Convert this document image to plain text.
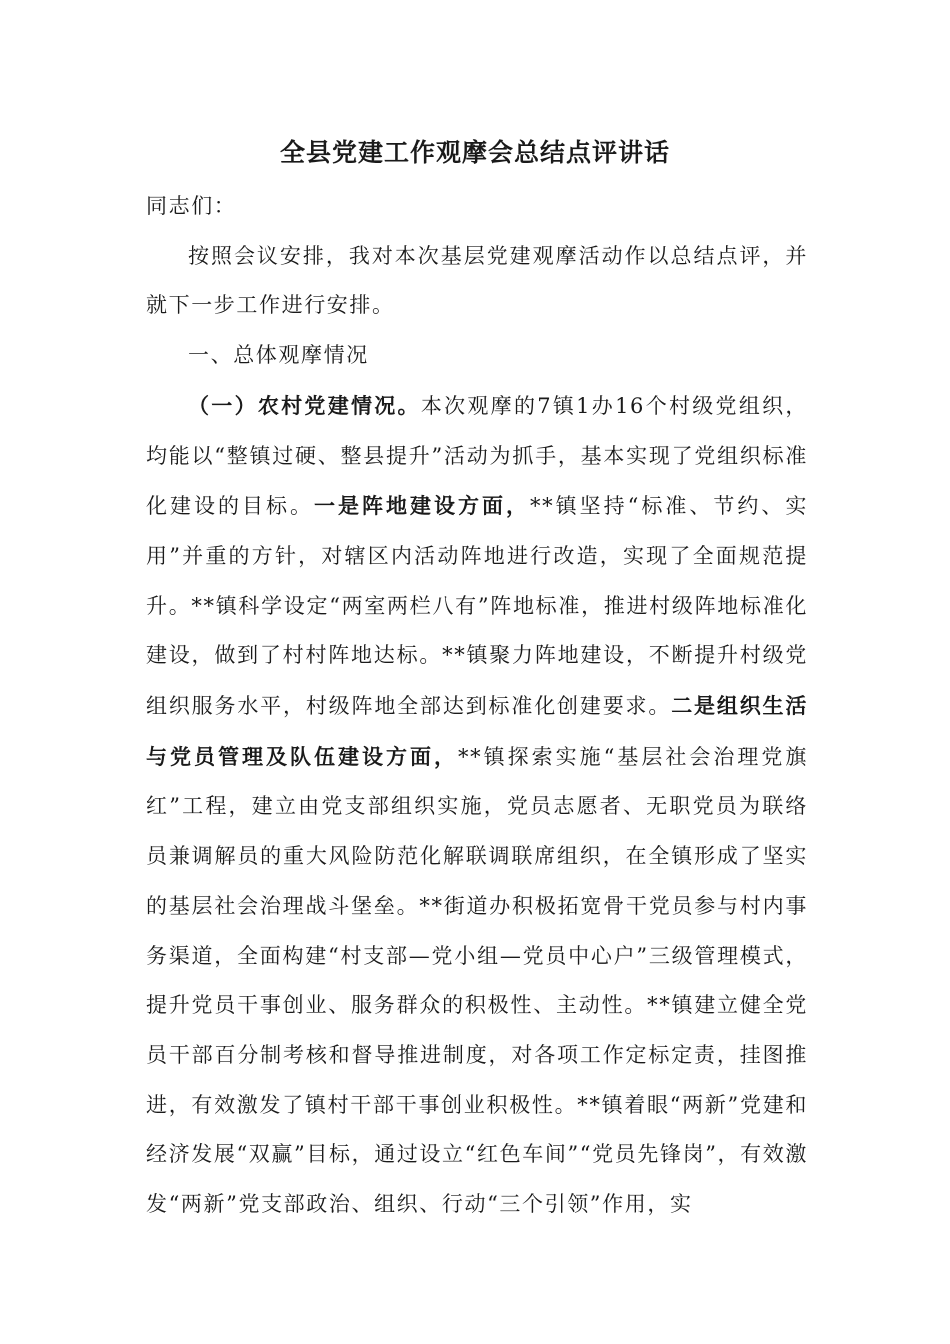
全县党建工作观摩会总结点评讲话

同志们：

按照会议安排，我对本次基层党建观摩活动作以总结点评，并就下一步工作进行安排。

一、总体观摩情况

（一）农村党建情况。本次观摩的7镇1办16个村级党组织，均能以“整镇过硬、整县提升”活动为抓手，基本实现了党组织标准化建设的目标。一是阵地建设方面，**镇坚持“标准、节约、实用”并重的方针，对辖区内活动阵地进行改造，实现了全面规范提升。**镇科学设定“两室两栏八有”阵地标准，推进村级阵地标准化建设，做到了村村阵地达标。**镇聚力阵地建设，不断提升村级党组织服务水平，村级阵地全部达到标准化创建要求。二是组织生活与党员管理及队伍建设方面，**镇探索实施“基层社会治理党旗红”工程，建立由党支部组织实施，党员志愿者、无职党员为联络员兼调解员的重大风险防范化解联调联席组织，在全镇形成了坚实的基层社会治理战斗堡垒。**街道办积极拓宽骨干党员参与村内事务渠道，全面构建“村支部—党小组—党员中心户”三级管理模式，提升党员干事创业、服务群众的积极性、主动性。**镇建立健全党员干部百分制考核和督导推进制度，对各项工作定标定责，挂图推进，有效激发了镇村干部干事创业积极性。**镇着眼“两新”党建和经济发展“双赢”目标，通过设立“红色车间”“党员先锋岗”，有效激发“两新”党支部政治、组织、行动“三个引领”作用，实
